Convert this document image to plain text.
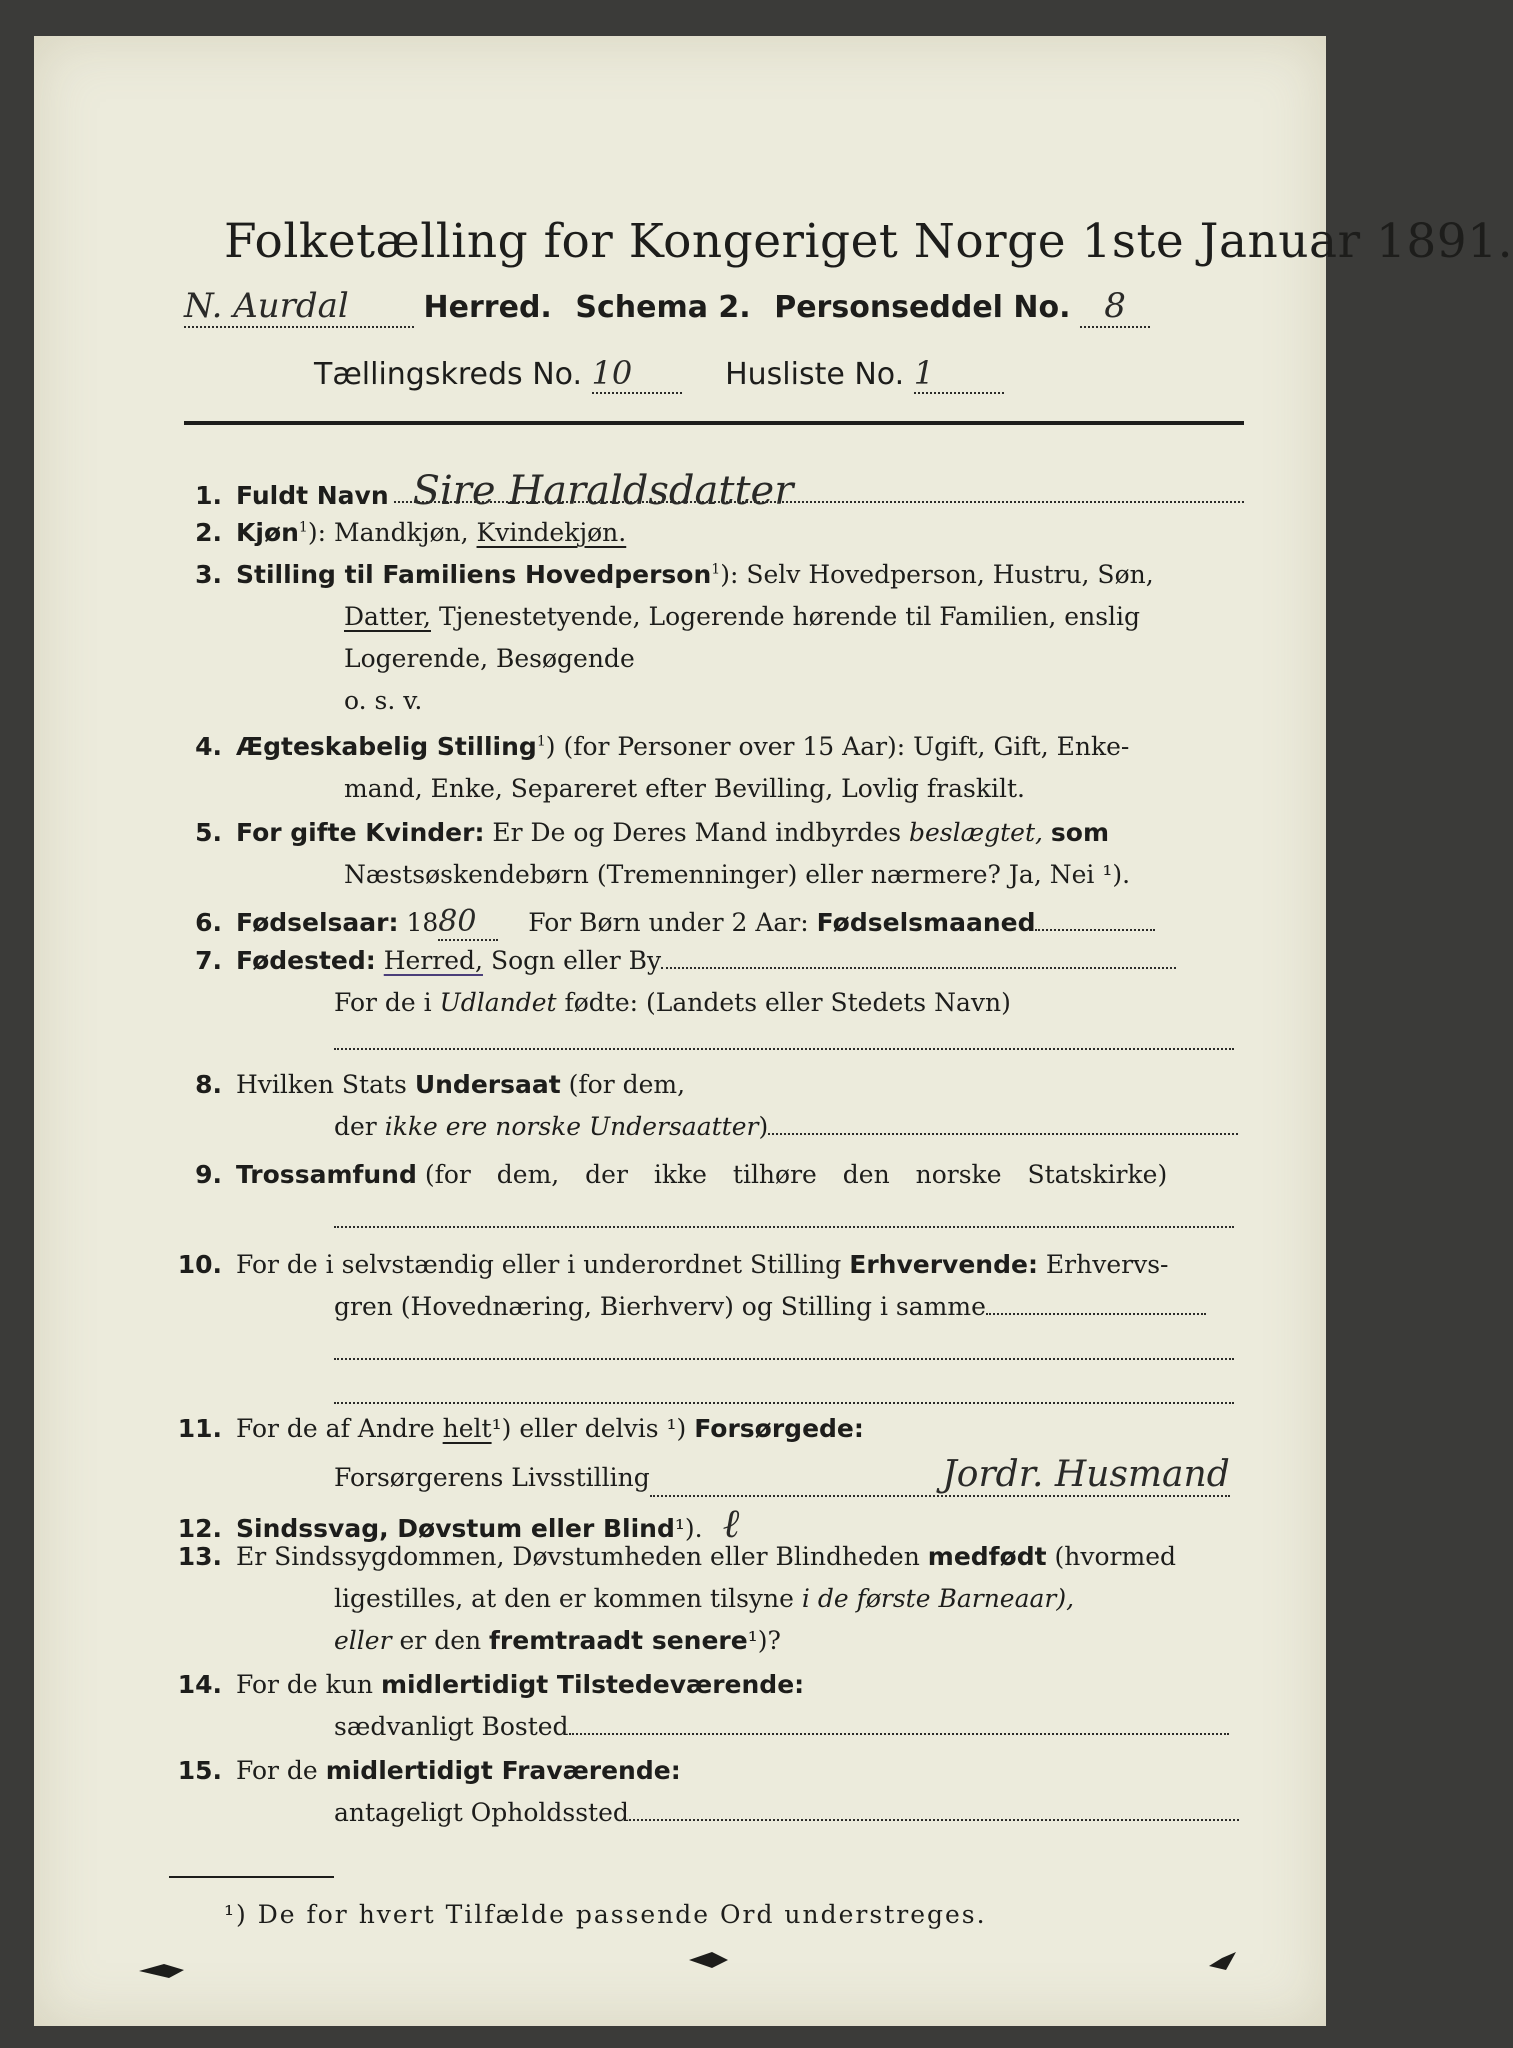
Folketælling for Kongeriget Norge 1ste Januar 1891.
N. Aurdal Herred. Schema 2. Personseddel No. 8
Tællingskreds No. 10	Husliste No. 1
1. Fuldt Navn Sire Haraldsdatter
2. Kjøn$^1$): Mandkjøn, Kvindekjøn.
3. Stilling til Familiens Hovedperson$^1$): Selv Hovedperson, Hustru, Søn,
Datter, Tjenestetyende, Logerende hørende til Familien, enslig
Logerende, Besøgende
o. s. v.
4. Ægteskabelig Stilling$^1$) (for Personer over 15 Aar): Ugift, Gift, Enke-
mand, Enke, Separeret efter Bevilling, Lovlig fraskilt.
5. For gifte Kvinder: Er De og Deres Mand indbyrdes beslægtet, som
Næstsøskendebørn (Tremenninger) eller nærmere? Ja, Nei ¹).
6. Fødselsaar: 1880 For Børn under 2 Aar: Fødselsmaaned
7. Fødested: Herred, Sogn eller By
For de i Udlandet fødte: (Landets eller Stedets Navn)
8. Hvilken Stats Undersaat (for dem,
der ikke ere norske Undersaatter)
9. Trossamfund (for dem, der ikke tilhøre den norske Statskirke)
10. For de i selvstændig eller i underordnet Stilling Erhvervende: Erhvervs-
gren (Hovednæring, Bierhverv) og Stilling i samme
11. For de af Andre helt¹) eller delvis ¹) Forsørgede:
Forsørgerens Livsstilling	Jordr. Husmand
12. Sindssvag, Døvstum eller Blind¹). ℓ
13. Er Sindssygdommen, Døvstumheden eller Blindheden medfødt (hvormed
ligestilles, at den er kommen tilsyne i de første Barneaar),
eller er den fremtraadt senere¹)?
14. For de kun midlertidigt Tilstedeværende:
sædvanligt Bosted
15. For de midlertidigt Fraværende:
antageligt Opholdssted
¹) De for hvert Tilfælde passende Ord understreges.
